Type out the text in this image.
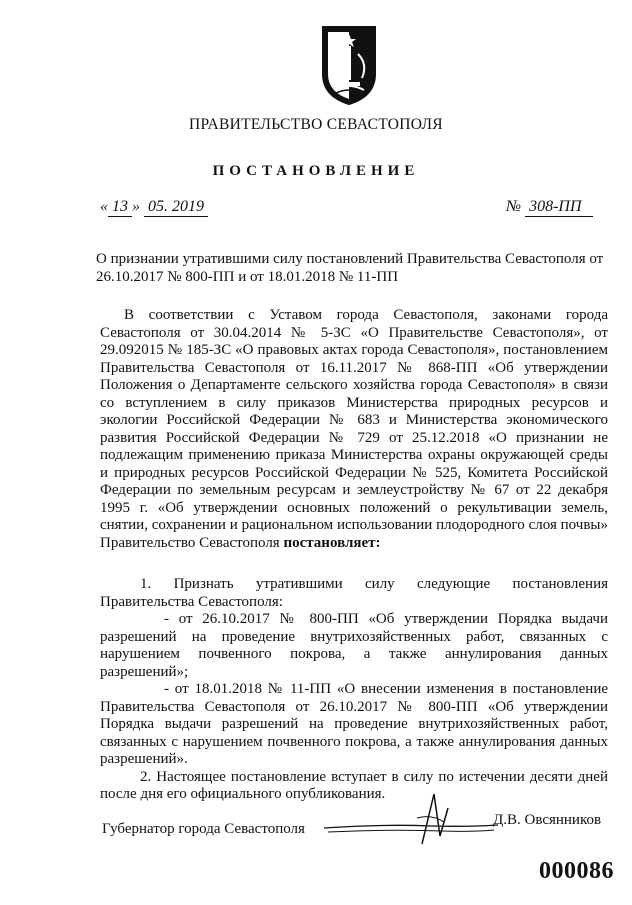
ПРАВИТЕЛЬСТВО СЕВАСТОПОЛЯ
ПОСТАНОВЛЕНИЕ
« 13 » 05. 2019	№ 308-ПП
О признании утратившими силу постановлений Правительства Севастополя от 26.10.2017 № 800-ПП и от 18.01.2018 № 11-ПП
В соответствии с Уставом города Севастополя, законами города Севастополя от 30.04.2014 № 5-ЗС «О Правительстве Севастополя», от 29.092015 № 185-ЗС «О правовых актах города Севастополя», постановлением Правительства Севастополя от 16.11.2017 № 868-ПП «Об утверждении Положения о Департаменте сельского хозяйства города Севастополя» в связи со вступлением в силу приказов Министерства природных ресурсов и экологии Российской Федерации № 683 и Министерства экономического развития Российской Федерации № 729 от 25.12.2018 «О признании не подлежащим применению приказа Министерства охраны окружающей среды и природных ресурсов Российской Федерации № 525, Комитета Российской Федерации по земельным ресурсам и землеустройству № 67 от 22 декабря 1995 г. «Об утверждении основных положений о рекультивации земель, снятии, сохранении и рациональном использовании плодородного слоя почвы» Правительство Севастополя постановляет:

1. Признать утратившими силу следующие постановления Правительства Севастополя:

- от 26.10.2017 № 800-ПП «Об утверждении Порядка выдачи разрешений на проведение внутрихозяйственных работ, связанных с нарушением почвенного покрова, а также аннулирования данных разрешений»;

- от 18.01.2018 № 11-ПП «О внесении изменения в постановление Правительства Севастополя от 26.10.2017 № 800-ПП «Об утверждении Порядка выдачи разрешений на проведение внутрихозяйственных работ, связанных с нарушением почвенного покрова, а также аннулирования данных разрешений».

2. Настоящее постановление вступает в силу по истечении десяти дней после дня его официального опубликования.

Губернатор города Севастополя
Д.В. Овсянников
000086
